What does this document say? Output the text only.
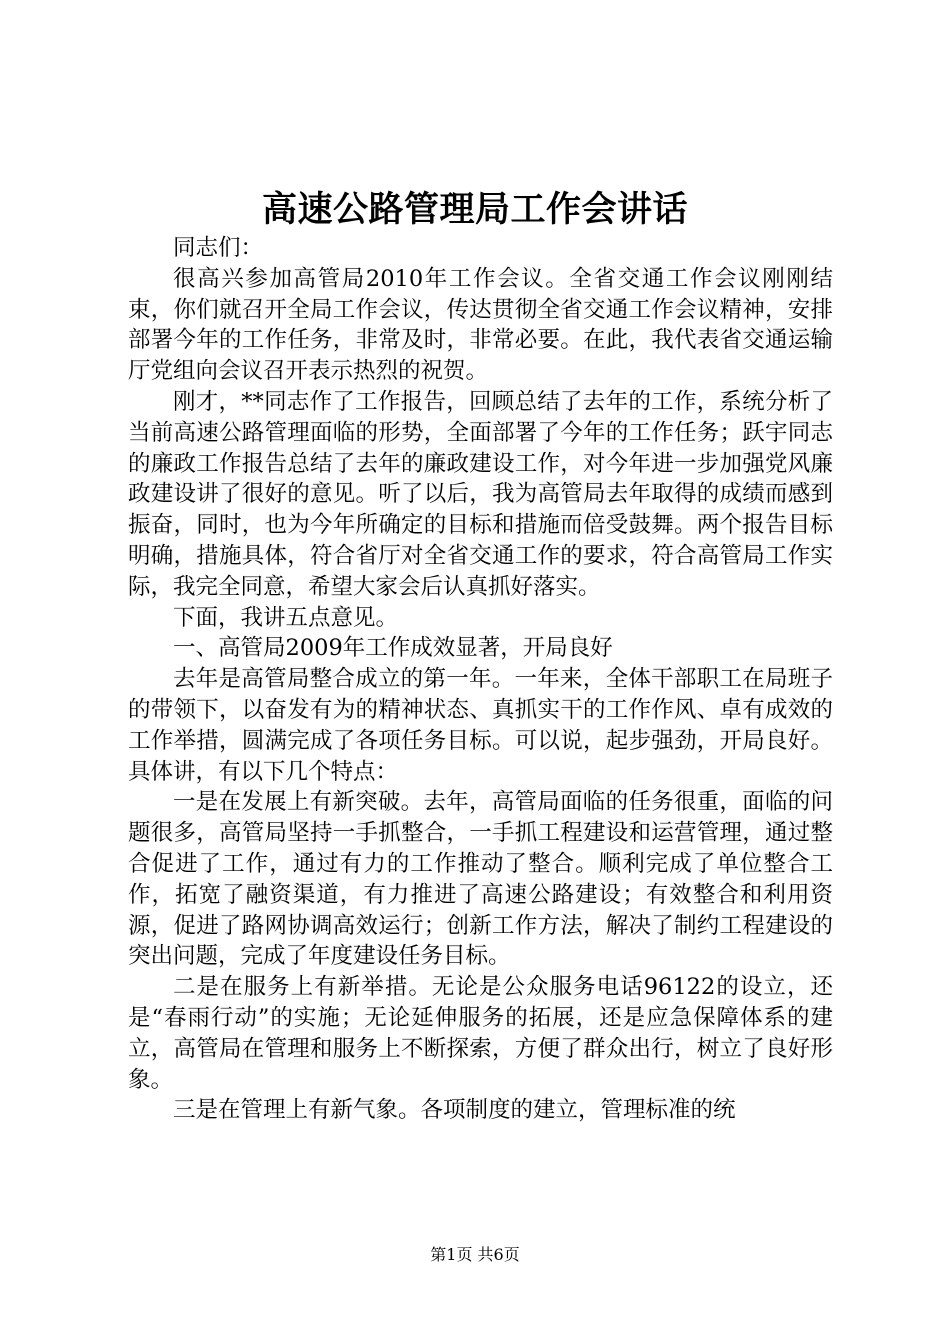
高速公路管理局工作会讲话

同志们：

很高兴参加高管局2010年工作会议。全省交通工作会议刚刚结束，你们就召开全局工作会议，传达贯彻全省交通工作会议精神，安排部署今年的工作任务，非常及时，非常必要。在此，我代表省交通运输厅党组向会议召开表示热烈的祝贺。

刚才，**同志作了工作报告，回顾总结了去年的工作，系统分析了当前高速公路管理面临的形势，全面部署了今年的工作任务；跃宇同志的廉政工作报告总结了去年的廉政建设工作，对今年进一步加强党风廉政建设讲了很好的意见。听了以后，我为高管局去年取得的成绩而感到振奋，同时，也为今年所确定的目标和措施而倍受鼓舞。两个报告目标明确，措施具体，符合省厅对全省交通工作的要求，符合高管局工作实际，我完全同意，希望大家会后认真抓好落实。

下面，我讲五点意见。

一、高管局2009年工作成效显著，开局良好

去年是高管局整合成立的第一年。一年来，全体干部职工在局班子的带领下，以奋发有为的精神状态、真抓实干的工作作风、卓有成效的工作举措，圆满完成了各项任务目标。可以说，起步强劲，开局良好。具体讲，有以下几个特点：

一是在发展上有新突破。去年，高管局面临的任务很重，面临的问题很多，高管局坚持一手抓整合，一手抓工程建设和运营管理，通过整合促进了工作，通过有力的工作推动了整合。顺利完成了单位整合工作，拓宽了融资渠道，有力推进了高速公路建设；有效整合和利用资源，促进了路网协调高效运行；创新工作方法，解决了制约工程建设的突出问题，完成了年度建设任务目标。

二是在服务上有新举措。无论是公众服务电话96122的设立，还是“春雨行动”的实施；无论延伸服务的拓展，还是应急保障体系的建立，高管局在管理和服务上不断探索，方便了群众出行，树立了良好形象。

三是在管理上有新气象。各项制度的建立，管理标准的统

第1页 共6页
